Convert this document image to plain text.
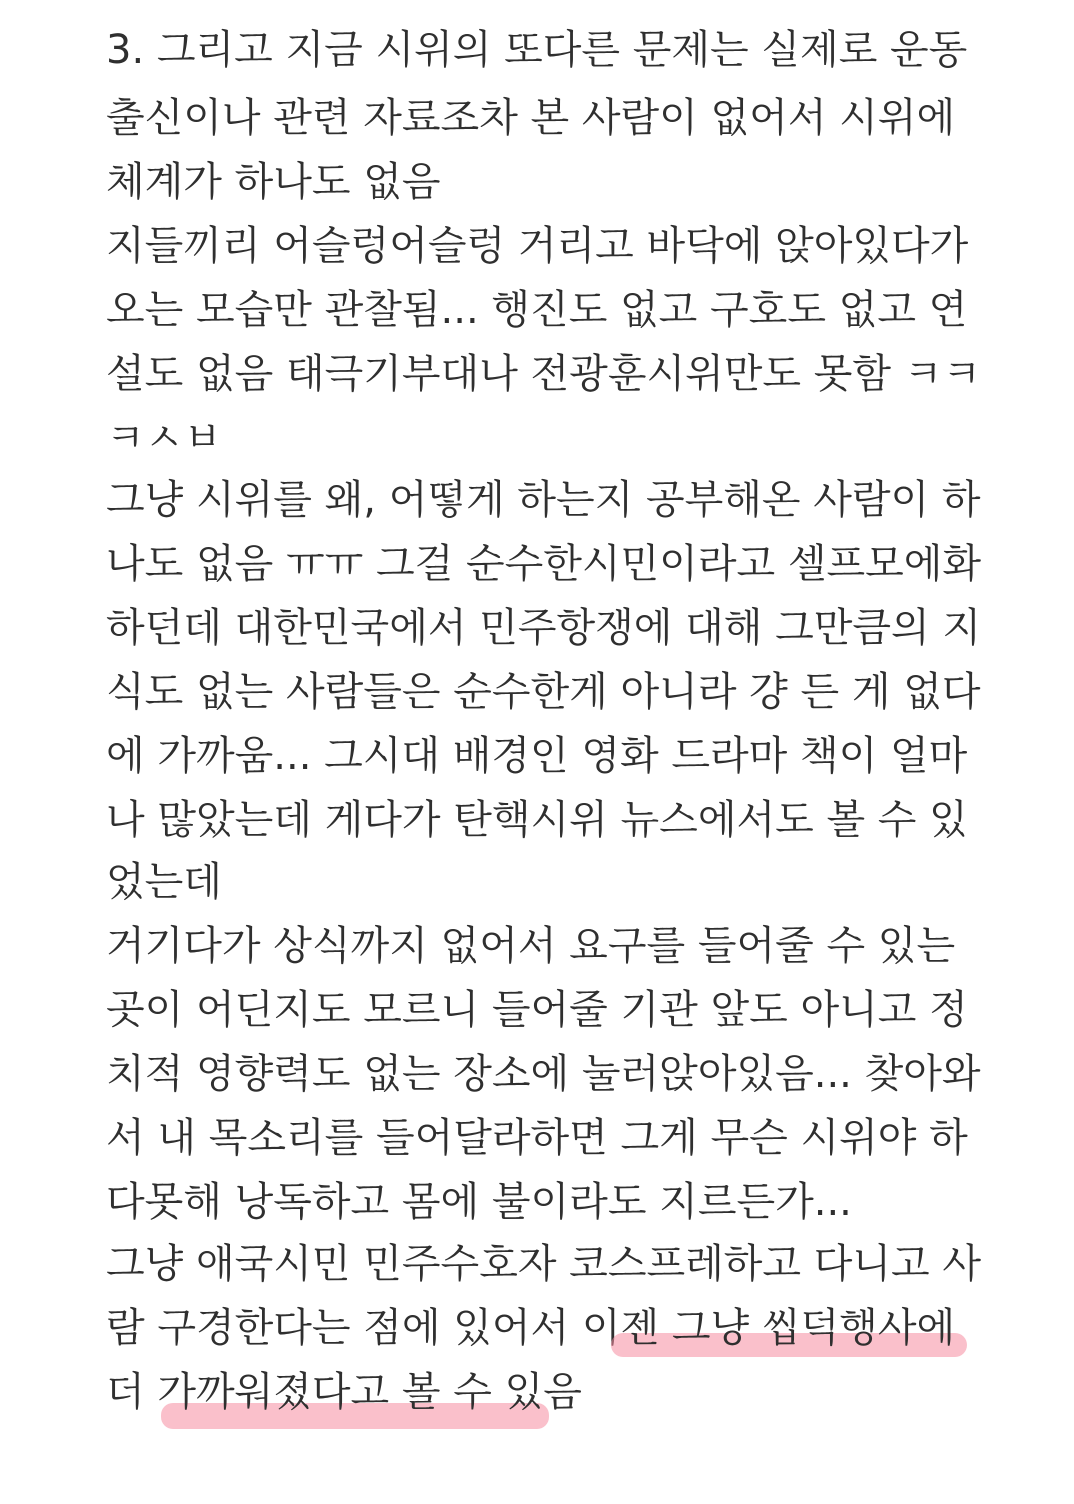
3. 그리고 지금 시위의 또다른 문제는 실제로 운동
출신이나 관련 자료조차 본 사람이 없어서 시위에
체계가 하나도 없음
지들끼리 어슬렁어슬렁 거리고 바닥에 앉아있다가
오는 모습만 관찰됨... 행진도 없고 구호도 없고 연
설도 없음 태극기부대나 전광훈시위만도 못함 ㅋㅋ
ㅋㅅㅂ
그냥 시위를 왜, 어떻게 하는지 공부해온 사람이 하
나도 없음 ㅠㅠ 그걸 순수한시민이라고 셀프모에화
하던데 대한민국에서 민주항쟁에 대해 그만큼의 지
식도 없는 사람들은 순수한게 아니라 걍 든 게 없다
에 가까움... 그시대 배경인 영화 드라마 책이 얼마
나 많았는데 게다가 탄핵시위 뉴스에서도 볼 수 있
었는데
거기다가 상식까지 없어서 요구를 들어줄 수 있는
곳이 어딘지도 모르니 들어줄 기관 앞도 아니고 정
치적 영향력도 없는 장소에 눌러앉아있음... 찾아와
서 내 목소리를 들어달라하면 그게 무슨 시위야 하
다못해 낭독하고 몸에 불이라도 지르든가...
그냥 애국시민 민주수호자 코스프레하고 다니고 사
람 구경한다는 점에 있어서 이젠 그냥 씹덕행사에
더 가까워졌다고 볼 수 있음
